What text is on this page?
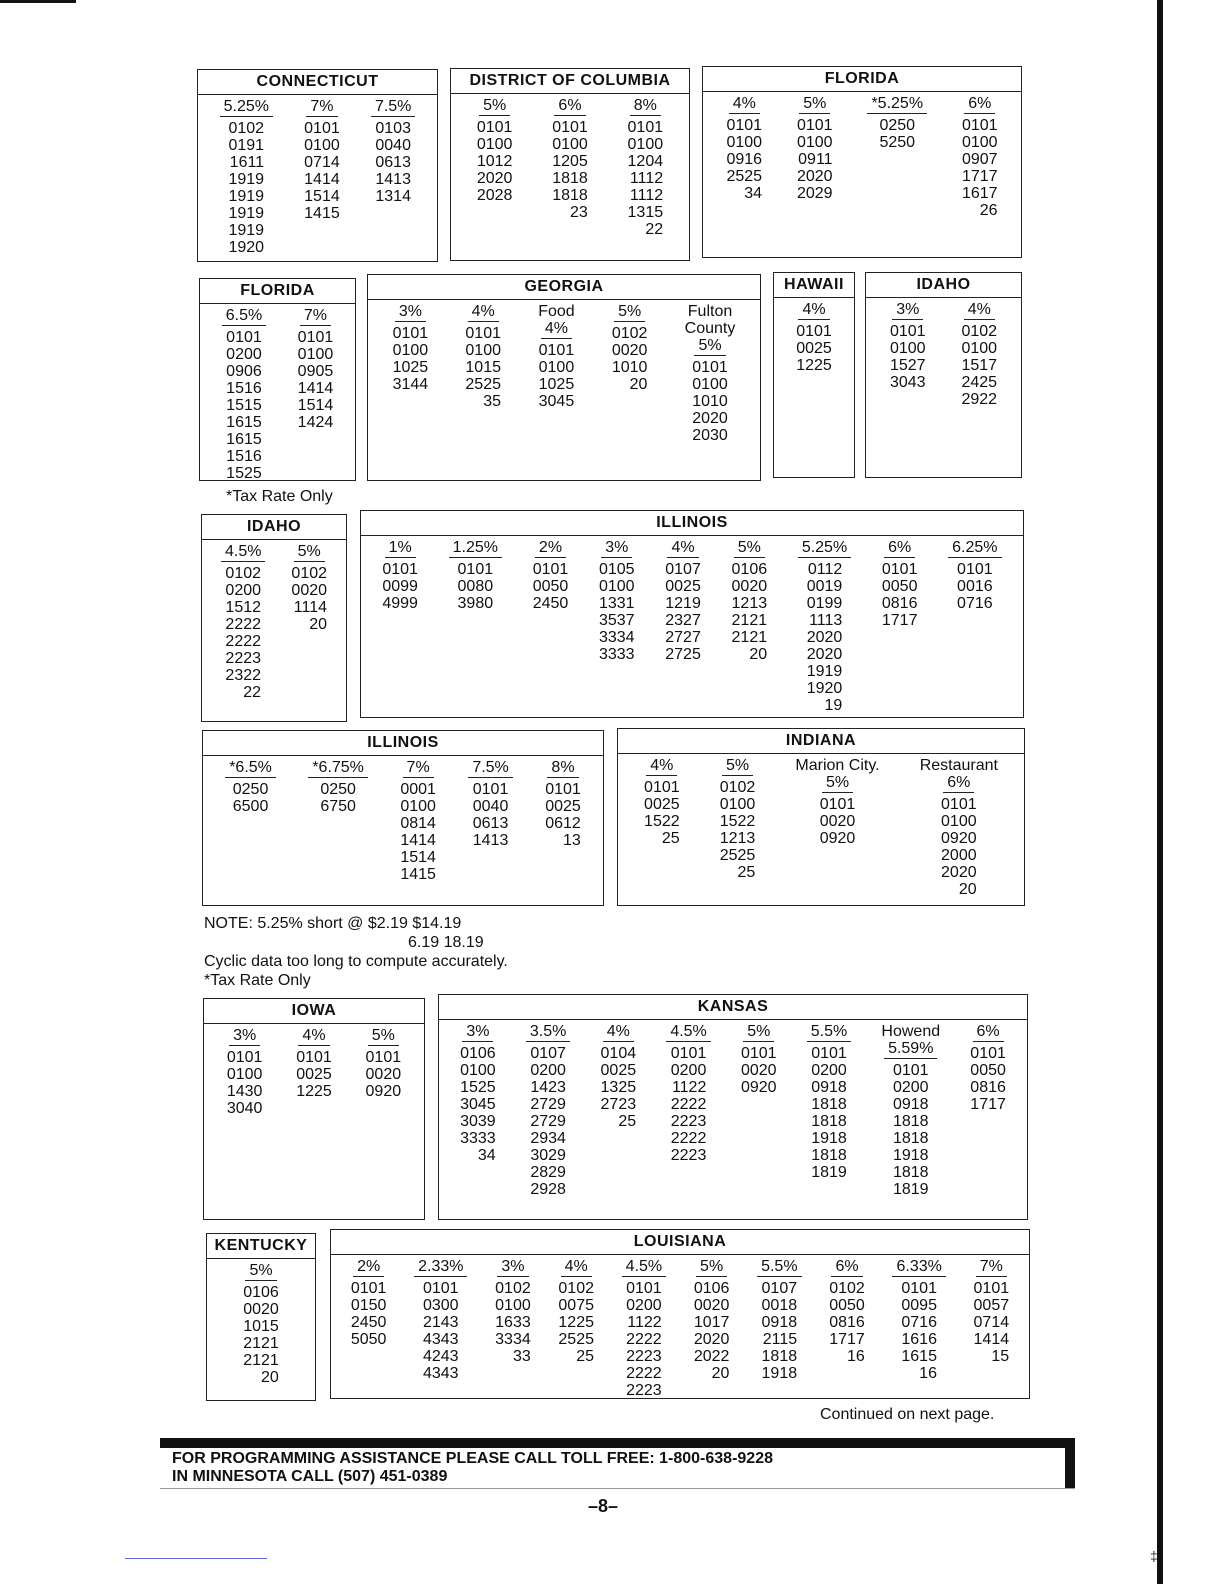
CONNECTICUT
5.25%
0102
0191
1611
1919
1919
1919
1919
1920
7%
0101
0100
0714
1414
1514
1415
7.5%
0103
0040
0613
1413
1314
DISTRICT OF COLUMBIA
5%
0101
0100
1012
2020
2028
6%
0101
0100
1205
1818
1818
23
8%
0101
0100
1204
1112
1112
1315
22
FLORIDA
4%
0101
0100
0916
2525
34
5%
0101
0100
0911
2020
2029
*5.25%
0250
5250
6%
0101
0100
0907
1717
1617
26
FLORIDA
6.5%
0101
0200
0906
1516
1515
1615
1615
1516
1525
7%
0101
0100
0905
1414
1514
1424
GEORGIA
3%
0101
0100
1025
3144
4%
0101
0100
1015
2525
35
Food
4%
0101
0100
1025
3045
5%
0102
0020
1010
20
Fulton
County
5%
0101
0100
1010
2020
2030
HAWAII
4%
0101
0025
1225
IDAHO
3%
0101
0100
1527
3043
4%
0102
0100
1517
2425
2922
*Tax Rate Only
IDAHO
4.5%
0102
0200
1512
2222
2222
2223
2322
22
5%
0102
0020
1114
20
ILLINOIS
1%
0101
0099
4999
1.25%
0101
0080
3980
2%
0101
0050
2450
3%
0105
0100
1331
3537
3334
3333
4%
0107
0025
1219
2327
2727
2725
5%
0106
0020
1213
2121
2121
20
5.25%
0112
0019
0199
1113
2020
2020
1919
1920
19
6%
0101
0050
0816
1717
6.25%
0101
0016
0716
ILLINOIS
*6.5%
0250
6500
*6.75%
0250
6750
7%
0001
0100
0814
1414
1514
1415
7.5%
0101
0040
0613
1413
8%
0101
0025
0612
13
INDIANA
4%
0101
0025
1522
25
5%
0102
0100
1522
1213
2525
25
Marion City.
5%
0101
0020
0920
Restaurant
6%
0101
0100
0920
2000
2020
20
NOTE: 5.25% short @ $2.19 $14.19
6.19 18.19
Cyclic data too long to compute accurately.
*Tax Rate Only
IOWA
3%
0101
0100
1430
3040
4%
0101
0025
1225
5%
0101
0020
0920
KANSAS
3%
0106
0100
1525
3045
3039
3333
34
3.5%
0107
0200
1423
2729
2729
2934
3029
2829
2928
4%
0104
0025
1325
2723
25
4.5%
0101
0200
1122
2222
2223
2222
2223
5%
0101
0020
0920
5.5%
0101
0200
0918
1818
1818
1918
1818
1819
Howend
5.59%
0101
0200
0918
1818
1818
1918
1818
1819
6%
0101
0050
0816
1717
KENTUCKY
5%
0106
0020
1015
2121
2121
20
LOUISIANA
2%
0101
0150
2450
5050
2.33%
0101
0300
2143
4343
4243
4343
3%
0102
0100
1633
3334
33
4%
0102
0075
1225
2525
25
4.5%
0101
0200
1122
2222
2223
2222
2223
5%
0106
0020
1017
2020
2022
20
5.5%
0107
0018
0918
2115
1818
1918
6%
0102
0050
0816
1717
16
6.33%
0101
0095
0716
1616
1615
16
7%
0101
0057
0714
1414
15
Continued on next page.
FOR PROGRAMMING ASSISTANCE PLEASE CALL TOLL FREE: 1-800-638-9228
IN MINNESOTA CALL (507) 451-0389
–8–
‡
